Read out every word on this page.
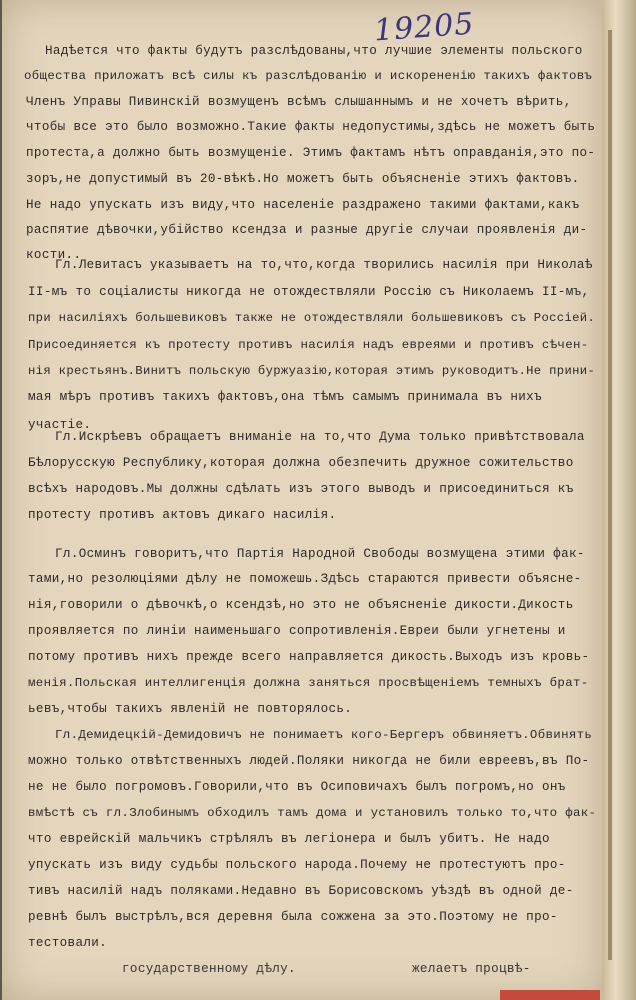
19205
Надѣется что факты будутъ разслѣдованы,что лучшие элементы польского
общества приложатъ всѣ силы къ разслѣдованію и искорененію такихъ фактовъ
Членъ Управы Пивинскій возмущенъ всѣмъ слышаннымъ и не хочетъ вѣрить,
чтобы все это было возможно.Такие факты недопустимы,здѣсь не можетъ быть
протеста,а должно быть возмущеніе. Этимъ фактамъ нѣтъ оправданія,это по-
зоръ,не допустимый въ 20-вѣкѣ.Но можетъ быть объясненіе этихъ фактовъ.
Не надо упускать изъ виду,что населеніе раздражено такими фактами,какъ
распятие дѣвочки,убійство ксендза и разные другіе случаи проявленія ди-
кости..
Гл.Левитасъ указываетъ на то,что,когда творились насилія при Николаѣ
II-мъ то соціалисты никогда не отождествляли Россію съ Николаемъ II-мъ,
при насиліяхъ большевиковъ также не отождествляли большевиковъ съ Россіей.
Присоединяется къ протесту противъ насилія надъ евреями и противъ сѣчен-
нія крестьянъ.Винитъ польскую буржуазію,которая этимъ руководитъ.Не прини-
мая мѣръ противъ такихъ фактовъ,она тѣмъ самымъ принимала въ нихъ
участіе.
Гл.Искрѣевъ обращаетъ вниманіе на то,что Дума только привѣтствовала
Бѣлорусскую Республику,которая должна обезпечить дружное сожительство
всѣхъ народовъ.Мы должны сдѣлать изъ этого выводъ и присоединиться къ
протесту противъ актовъ дикаго насилія.
Гл.Осминъ говоритъ,что Партія Народной Свободы возмущена этими фак-
тами,но резолюціями дѣлу не поможешь.Здѣсь стараются привести объясне-
нія,говорили о дѣвочкѣ,о ксендзѣ,но это не объясненіе дикости.Дикость
проявляется по линіи наименьшаго сопротивленія.Евреи были угнетены и
потому противъ нихъ прежде всего направляется дикость.Выходъ изъ кровь-
менія.Польская интеллигенція должна заняться просвѣщеніемъ темныхъ брат-
ьевъ,чтобы такихъ явленій не повторялось.
Гл.Демидецкій-Демидовичъ не понимаетъ кого-Бергеръ обвиняетъ.Обвинять
можно только отвѣтственныхъ людей.Поляки никогда не били евреевъ,въ По-
не не было погромовъ.Говорили,что въ Осиповичахъ былъ погромъ,но онъ
вмѣстѣ съ гл.Злобинымъ обходилъ тамъ дома и установилъ только то,что фак-
что еврейскій мальчикъ стрѣлялъ въ легіонера и былъ убитъ. Не надо
упускать изъ виду судьбы польского народа.Почему не протестуютъ про-
тивъ насилій надъ поляками.Недавно въ Борисовскомъ уѣздѣ въ одной де-
ревнѣ былъ выстрѣлъ,вся деревня была сожжена за это.Поэтому не про-
тестовали.
государственному дѣлу.	желаетъ процвѣ-
